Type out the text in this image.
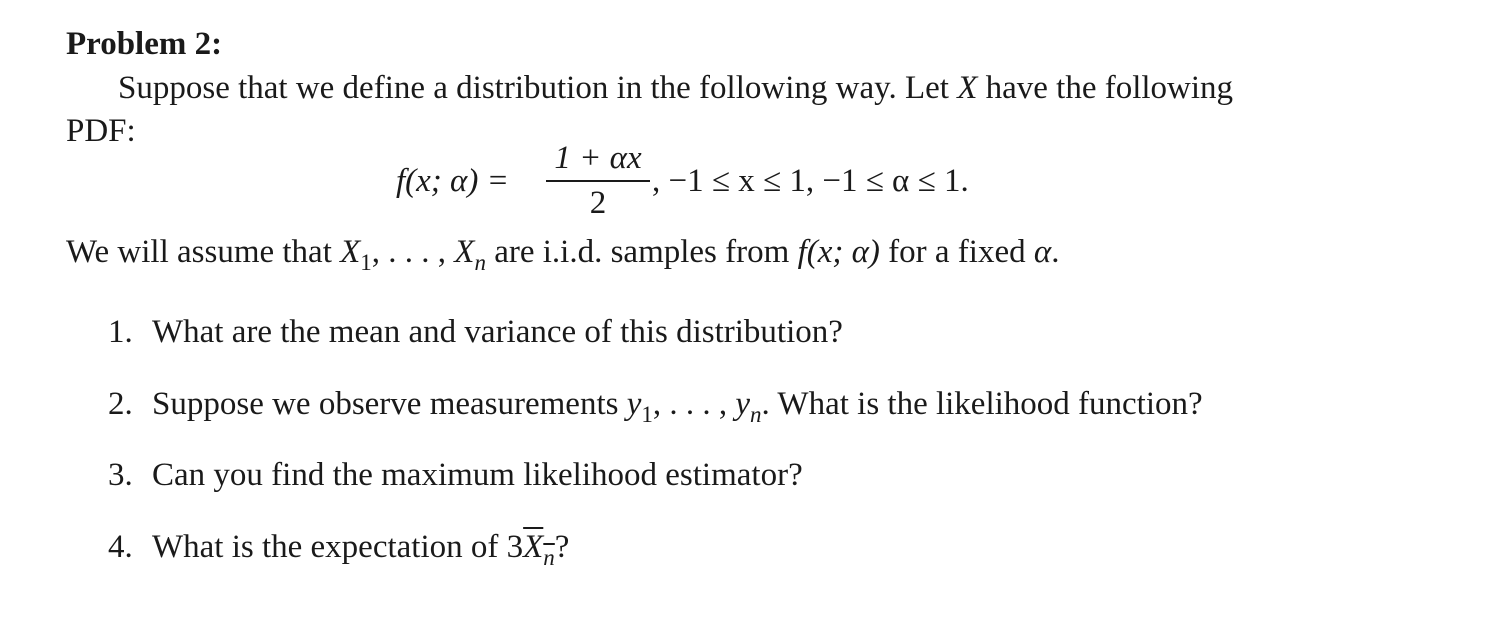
Problem 2:
Suppose that we define a distribution in the following way. Let X have the following
PDF:
f(x; α) =
1 + αx
2
, −1 ≤ x ≤ 1, −1 ≤ α ≤ 1.
We will assume that $X_1$, . . . , $X_n$ are i.i.d. samples from f(x; α) for a fixed α.
1. What are the mean and variance of this distribution?
2. Suppose we observe measurements $y_1$, . . . , $y_n$. What is the likelihood function?
3. Can you find the maximum likelihood estimator?
4. What is the expectation of $3X_n$?
